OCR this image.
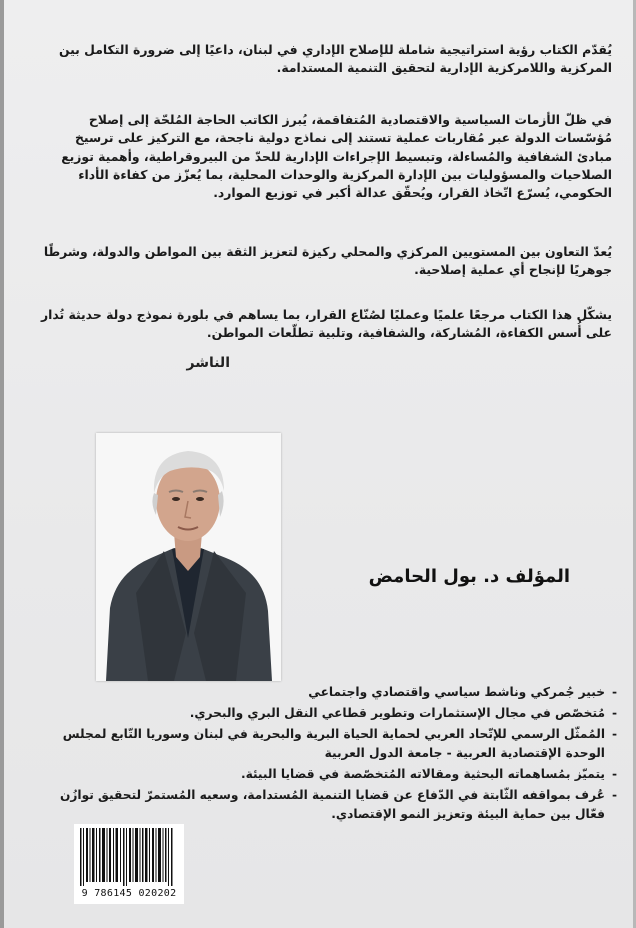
يُقدّم الكتاب رؤية استراتيجية شاملة للإصلاح الإداري في لبنان، داعيًا إلى ضرورة التكامل بين المركزية واللامركزية الإدارية لتحقيق التنمية المستدامة.
في ظلّ الأزمات السياسية والاقتصادية المُتفاقمة، يُبرز الكاتب الحاجة المُلحّة إلى إصلاح مُؤسّسات الدولة عبر مُقاربات عملية تستند إلى نماذج دولية ناجحة، مع التركيز على ترسيخ مبادئ الشفافية والمُساءلة، وتبسيط الإجراءات الإدارية للحدّ من البيروقراطية، وأهمية توزيع الصلاحيات والمسؤوليات بين الإدارة المركزية والوحدات المحلية، بما يُعزّز من كفاءة الأداء الحكومي، يُسرّع اتّخاذ القرار، ويُحقّق عدالة أكبر في توزيع الموارد.
يُعدّ التعاون بين المستويين المركزي والمحلي ركيزة لتعزيز الثقة بين المواطن والدولة، وشرطًا جوهريًا لإنجاح أي عملية إصلاحية.
يشكّل هذا الكتاب مرجعًا علميًا وعمليًا لصُنّاع القرار، بما يساهم في بلورة نموذج دولة حديثة تُدار على أُسس الكفاءة، المُشاركة، والشفافية، وتلبية تطلّعات المواطن.
الناشر
المؤلف د. بول الحامض
-
خبير جُمركي وناشط سياسي واقتصادي واجتماعي
-
مُتخصّص في مجال الإستثمارات وتطوير قطاعي النقل البري والبحري.
-
المُمثّل الرسمي للإتّحاد العربي لحماية الحياة البرية والبحرية في لبنان وسوريا التّابع لمجلس الوحدة الإقتصادية العربية - جامعة الدول العربية
-
يتميّز بمُساهماته البحثية ومقالاته المُتخصّصة في قضايا البيئة.
-
عُرف بمواقفه الثّابتة في الدّفاع عن قضايا التنمية المُستدامة، وسعيه المُستمرّ لتحقيق توازُن فعّال بين حماية البيئة وتعزيز النمو الإقتصادي.
9 786145 020202
